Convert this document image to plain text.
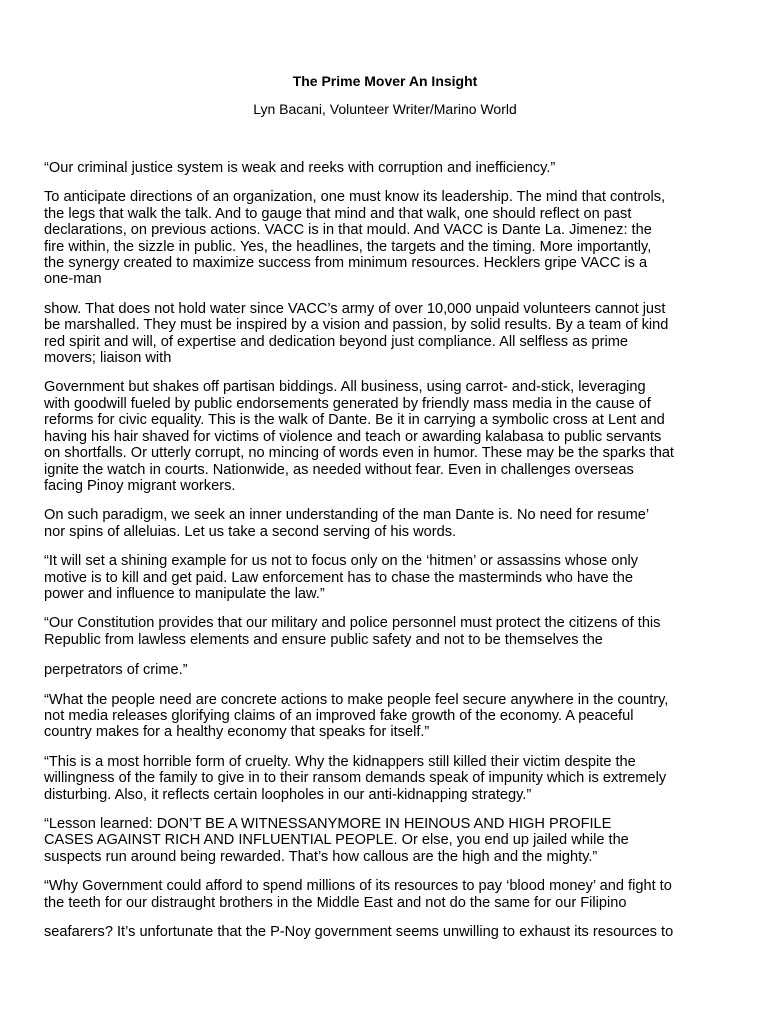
The Prime Mover An Insight
Lyn Bacani, Volunteer Writer/Marino World
“Our criminal justice system is weak and reeks with corruption and inefficiency.”
To anticipate directions of an organization, one must know its leadership. The mind that controls,
the legs that walk the talk. And to gauge that mind and that walk, one should reflect on past
declarations, on previous actions. VACC is in that mould. And VACC is Dante La. Jimenez: the
fire within, the sizzle in public. Yes, the headlines, the targets and the timing. More importantly,
the synergy created to maximize success from minimum resources. Hecklers gripe VACC is a
one-man
show. That does not hold water since VACC’s army of over 10,000 unpaid volunteers cannot just
be marshalled. They must be inspired by a vision and passion, by solid results. By a team of kind
red spirit and will, of expertise and dedication beyond just compliance. All selfless as prime
movers; liaison with
Government but shakes off partisan biddings. All business, using carrot- and-stick, leveraging
with goodwill fueled by public endorsements generated by friendly mass media in the cause of
reforms for civic equality. This is the walk of Dante. Be it in carrying a symbolic cross at Lent and
having his hair shaved for victims of violence and teach or awarding kalabasa to public servants
on shortfalls. Or utterly corrupt, no mincing of words even in humor. These may be the sparks that
ignite the watch in courts. Nationwide, as needed without fear. Even in challenges overseas
facing Pinoy migrant workers.
On such paradigm, we seek an inner understanding of the man Dante is. No need for resume’
nor spins of alleluias. Let us take a second serving of his words.
“It will set a shining example for us not to focus only on the ‘hitmen’ or assassins whose only
motive is to kill and get paid. Law enforcement has to chase the masterminds who have the
power and influence to manipulate the law.”
“Our Constitution provides that our military and police personnel must protect the citizens of this
Republic from lawless elements and ensure public safety and not to be themselves the
perpetrators of crime.”
“What the people need are concrete actions to make people feel secure anywhere in the country,
not media releases glorifying claims of an improved fake growth of the economy. A peaceful
country makes for a healthy economy that speaks for itself.”
“This is a most horrible form of cruelty. Why the kidnappers still killed their victim despite the
willingness of the family to give in to their ransom demands speak of impunity which is extremely
disturbing. Also, it reflects certain loopholes in our anti-kidnapping strategy.”
“Lesson learned: DON’T BE A WITNESSANYMORE IN HEINOUS AND HIGH PROFILE
CASES AGAINST RICH AND INFLUENTIAL PEOPLE. Or else, you end up jailed while the
suspects run around being rewarded. That’s how callous are the high and the mighty.”
“Why Government could afford to spend millions of its resources to pay ‘blood money’ and fight to
the teeth for our distraught brothers in the Middle East and not do the same for our Filipino
seafarers? It’s unfortunate that the P-Noy government seems unwilling to exhaust its resources to
